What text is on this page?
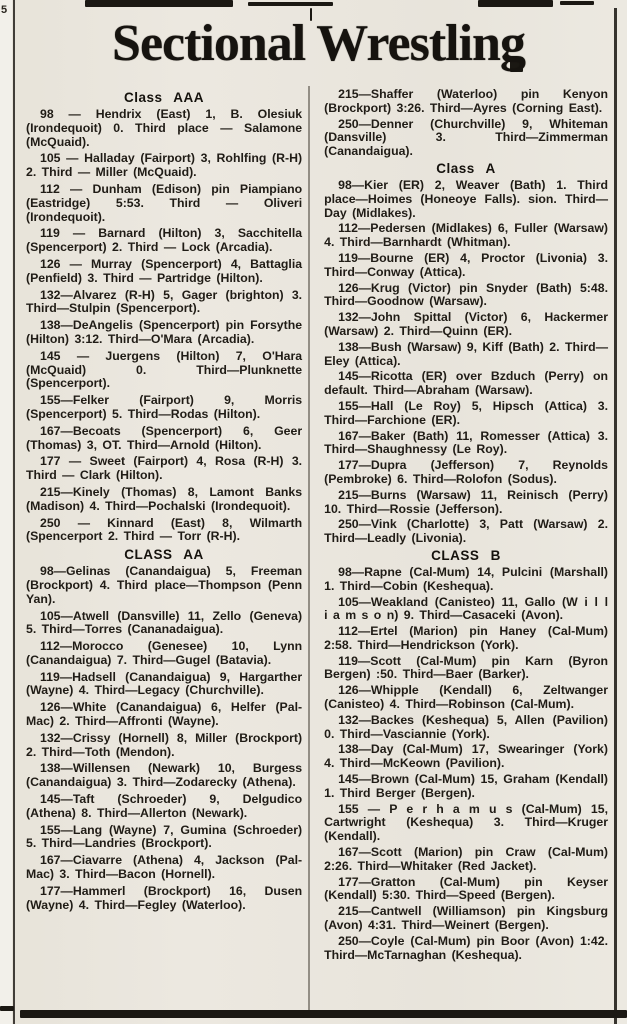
5
Sectional Wrestling
Class AAA

98 — Hendrix (East) 1, B. Olesiuk (Irondequoit) 0. Third place — Salamone (McQuaid).

105 — Halladay (Fairport) 3, Rohlfing (R-H) 2. Third — Miller (McQuaid).

112 — Dunham (Edison) pin Piampiano (Eastridge) 5:53. Third — Oliveri (Irondequoit).

119 — Barnard (Hilton) 3, Sacchitella (Spencerport) 2. Third — Lock (Arcadia).

126 — Murray (Spencerport) 4, Battaglia (Penfield) 3. Third — Partridge (Hilton).

132—Alvarez (R-H) 5, Gager (brighton) 3. Third—Stulpin (Spencerport).

138—DeAngelis (Spencerport) pin Forsythe (Hilton) 3:12. Third—O'Mara (Arcadia).

145 — Juergens (Hilton) 7, O'Hara (McQuaid) 0. Third—Plunknette (Spencerport).

155—Felker (Fairport) 9, Morris (Spencerport) 5. Third—Rodas (Hilton).

167—Becoats (Spencerport) 6, Geer (Thomas) 3, OT. Third—Arnold (Hilton).

177 — Sweet (Fairport) 4, Rosa (R-H) 3. Third — Clark (Hilton).

215—Kinely (Thomas) 8, Lamont Banks (Madison) 4. Third—Pochalski (Irondequoit).

250 — Kinnard (East) 8, Wilmarth (Spencerport 2. Third — Torr (R-H).

CLASS AA

98—Gelinas (Canandaigua) 5, Freeman (Brockport) 4. Third place—Thompson (Penn Yan).

105—Atwell (Dansville) 11, Zello (Geneva) 5. Third—Torres (Cananadaigua).

112—Morocco (Genesee) 10, Lynn (Canandaigua) 7. Third—Gugel (Batavia).

119—Hadsell (Canandaigua) 9, Hargarther (Wayne) 4. Third—Legacy (Churchville).

126—White (Canandaigua) 6, Helfer (Pal-Mac) 2. Third—Affronti (Wayne).

132—Crissy (Hornell) 8, Miller (Brockport) 2. Third—Toth (Mendon).

138—Willensen (Newark) 10, Burgess (Canandaigua) 3. Third—Zodarecky (Athena).

145—Taft (Schroeder) 9, Delgudico (Athena) 8. Third—Allerton (Newark).

155—Lang (Wayne) 7, Gumina (Schroeder) 5. Third—Landries (Brockport).

167—Ciavarre (Athena) 4, Jackson (Pal-Mac) 3. Third—Bacon (Hornell).

177—Hammerl (Brockport) 16, Dusen (Wayne) 4. Third—Fegley (Waterloo).

215—Shaffer (Waterloo) pin Kenyon (Brockport) 3:26. Third—Ayres (Corning East).

250—Denner (Churchville) 9, Whiteman (Dansville) 3. Third—Zimmerman (Canandaigua).

Class A

98—Kier (ER) 2, Weaver (Bath) 1. Third place—Hoimes (Honeoye Falls). sion. Third—Day (Midlakes).

112—Pedersen (Midlakes) 6, Fuller (Warsaw) 4. Third—Barnhardt (Whitman).

119—Bourne (ER) 4, Proctor (Livonia) 3. Third—Conway (Attica).

126—Krug (Victor) pin Snyder (Bath) 5:48. Third—Goodnow (Warsaw).

132—John Spittal (Victor) 6, Hackermer (Warsaw) 2. Third—Quinn (ER).

138—Bush (Warsaw) 9, Kiff (Bath) 2. Third—Eley (Attica).

145—Ricotta (ER) over Bzduch (Perry) on default. Third—Abraham (Warsaw).

155—Hall (Le Roy) 5, Hipsch (Attica) 3. Third—Farchione (ER).

167—Baker (Bath) 11, Romesser (Attica) 3. Third—Shaughnessy (Le Roy).

177—Dupra (Jefferson) 7, Reynolds (Pembroke) 6. Third—Rolofon (Sodus).

215—Burns (Warsaw) 11, Reinisch (Perry) 10. Third—Rossie (Jefferson).

250—Vink (Charlotte) 3, Patt (Warsaw) 2. Third—Leadly (Livonia).

CLASS B

98—Rapne (Cal-Mum) 14, Pulcini (Marshall) 1. Third—Cobin (Keshequa).

105—Weakland (Canisteo) 11, Gallo (W i l l i a m s o n) 9. Third—Casaceki (Avon).

112—Ertel (Marion) pin Haney (Cal-Mum) 2:58. Third—Hendrickson (York).

119—Scott (Cal-Mum) pin Karn (Byron Bergen) :50. Third—Baer (Barker).

126—Whipple (Kendall) 6, Zeltwanger (Canisteo) 4. Third—Robinson (Cal-Mum).

132—Backes (Keshequa) 5, Allen (Pavilion) 0. Third—Vasciannie (York).

138—Day (Cal-Mum) 17, Swearinger (York) 4. Third—McKeown (Pavilion).

145—Brown (Cal-Mum) 15, Graham (Kendall) 1. Third Berger (Bergen).

155 — P e r h a m u s (Cal-Mum) 15, Cartwright (Keshequa) 3. Third—Kruger (Kendall).

167—Scott (Marion) pin Craw (Cal-Mum) 2:26. Third—Whitaker (Red Jacket).

177—Gratton (Cal-Mum) pin Keyser (Kendall) 5:30. Third—Speed (Bergen).

215—Cantwell (Williamson) pin Kingsburg (Avon) 4:31. Third—Weinert (Bergen).

250—Coyle (Cal-Mum) pin Boor (Avon) 1:42. Third—McTarnaghan (Keshequa).
